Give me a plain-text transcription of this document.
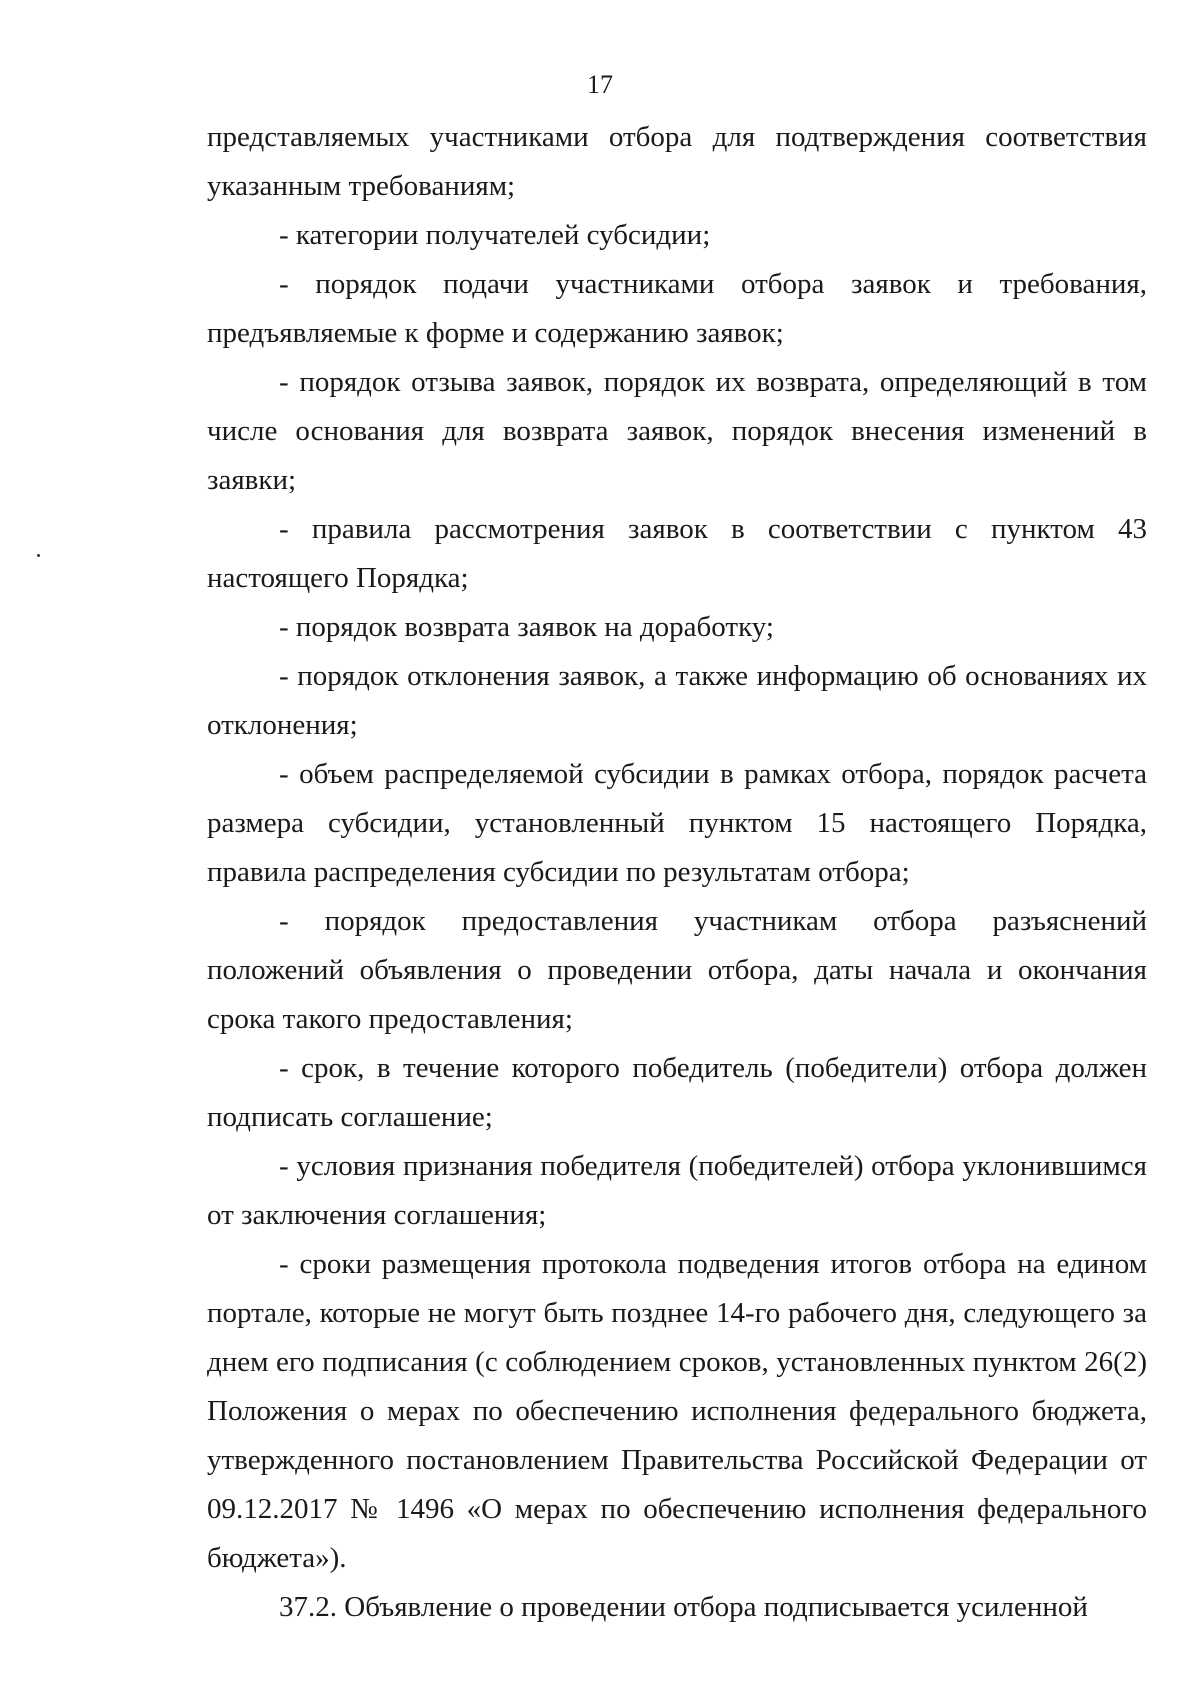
17

представляемых участниками отбора для подтверждения соответствия указанным требованиям;

- категории получателей субсидии;

- порядок подачи участниками отбора заявок и требования, предъявляемые к форме и содержанию заявок;

- порядок отзыва заявок, порядок их возврата, определяющий в том числе основания для возврата заявок, порядок внесения изменений в заявки;

- правила рассмотрения заявок в соответствии с пунктом 43 настоящего Порядка;

- порядок возврата заявок на доработку;

- порядок отклонения заявок, а также информацию об основаниях их отклонения;

- объем распределяемой субсидии в рамках отбора, порядок расчета размера субсидии, установленный пунктом 15 настоящего Порядка, правила распределения субсидии по результатам отбора;

- порядок предоставления участникам отбора разъяснений положений объявления о проведении отбора, даты начала и окончания срока такого предоставления;

- срок, в течение которого победитель (победители) отбора должен подписать соглашение;

- условия признания победителя (победителей) отбора уклонившимся от заключения соглашения;

- сроки размещения протокола подведения итогов отбора на едином портале, которые не могут быть позднее 14-го рабочего дня, следующего за днем его подписания (с соблюдением сроков, установленных пунктом 26(2) Положения о мерах по обеспечению исполнения федерального бюджета, утвержденного постановлением Правительства Российской Федерации от 09.12.2017 № 1496 «О мерах по обеспечению исполнения федерального бюджета»).

37.2. Объявление о проведении отбора подписывается усиленной
